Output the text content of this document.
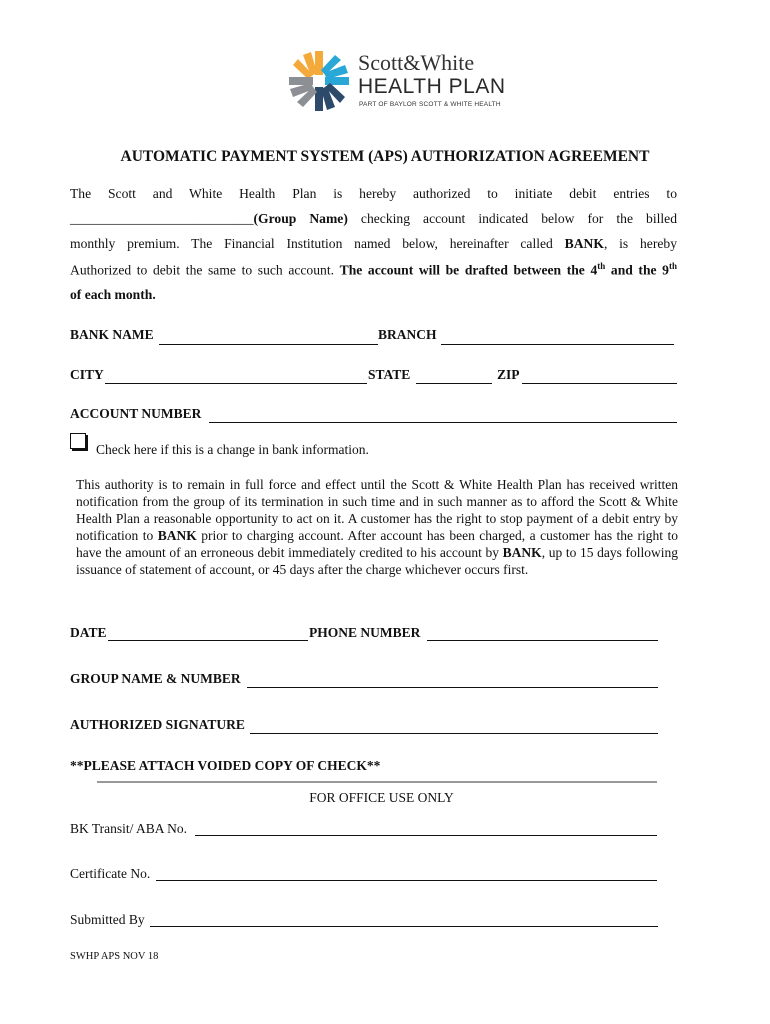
Scott&White
HEALTH PLAN
PART OF BAYLOR SCOTT & WHITE HEALTH
AUTOMATIC PAYMENT SYSTEM (APS) AUTHORIZATION AGREEMENT
The Scott and White Health Plan is hereby authorized to initiate debit entries to
___________________________(Group Name) checking account indicated below for the billed
monthly premium. The Financial Institution named below, hereinafter called BANK, is hereby
Authorized to debit the same to such account. The account will be drafted between the 4th and the 9th
of each month.
BANK NAME	BRANCH
CITY	STATE	ZIP
ACCOUNT NUMBER
Check here if this is a change in bank information.
This authority is to remain in full force and effect until the Scott & White Health Plan has received written notification from the group of its termination in such time and in such manner as to afford the Scott & White Health Plan a reasonable opportunity to act on it. A customer has the right to stop payment of a debit entry by notification to BANK prior to charging account. After account has been charged, a customer has the right to have the amount of an erroneous debit immediately credited to his account by BANK, up to 15 days following issuance of statement of account, or 45 days after the charge whichever occurs first.
DATE	PHONE NUMBER
GROUP NAME & NUMBER
AUTHORIZED SIGNATURE
**PLEASE ATTACH VOIDED COPY OF CHECK**
FOR OFFICE USE ONLY
BK Transit/ ABA No.
Certificate No.
Submitted By
SWHP APS NOV 18
